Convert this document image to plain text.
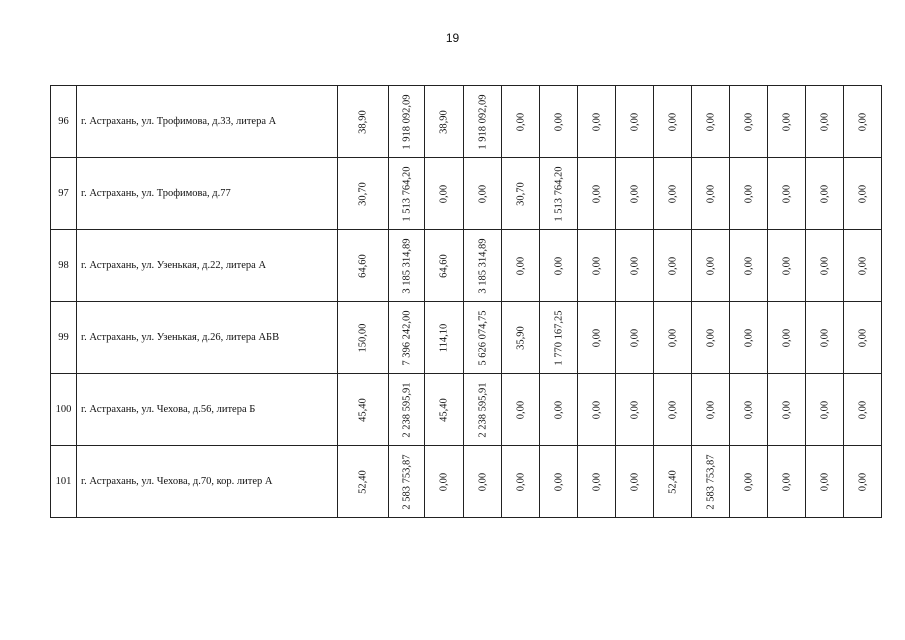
19
96	г. Астрахань, ул. Трофимова, д.33, литера А	38,90	1 918 092,09	38,90	1 918 092,09	0,00	0,00	0,00	0,00	0,00	0,00	0,00	0,00	0,00	0,00

97	г. Астрахань, ул. Трофимова, д.77	30,70	1 513 764,20	0,00	0,00	30,70	1 513 764,20	0,00	0,00	0,00	0,00	0,00	0,00	0,00	0,00

98	г. Астрахань, ул. Узенькая, д.22, литера А	64,60	3 185 314,89	64,60	3 185 314,89	0,00	0,00	0,00	0,00	0,00	0,00	0,00	0,00	0,00	0,00

99	г. Астрахань, ул. Узенькая, д.26, литера АБВ	150,00	7 396 242,00	114,10	5 626 074,75	35,90	1 770 167,25	0,00	0,00	0,00	0,00	0,00	0,00	0,00	0,00

100	г. Астрахань, ул. Чехова, д.56, литера Б	45,40	2 238 595,91	45,40	2 238 595,91	0,00	0,00	0,00	0,00	0,00	0,00	0,00	0,00	0,00	0,00

101	г. Астрахань, ул. Чехова, д.70, кор. литер А	52,40	2 583 753,87	0,00	0,00	0,00	0,00	0,00	0,00	52,40	2 583 753,87	0,00	0,00	0,00	0,00
